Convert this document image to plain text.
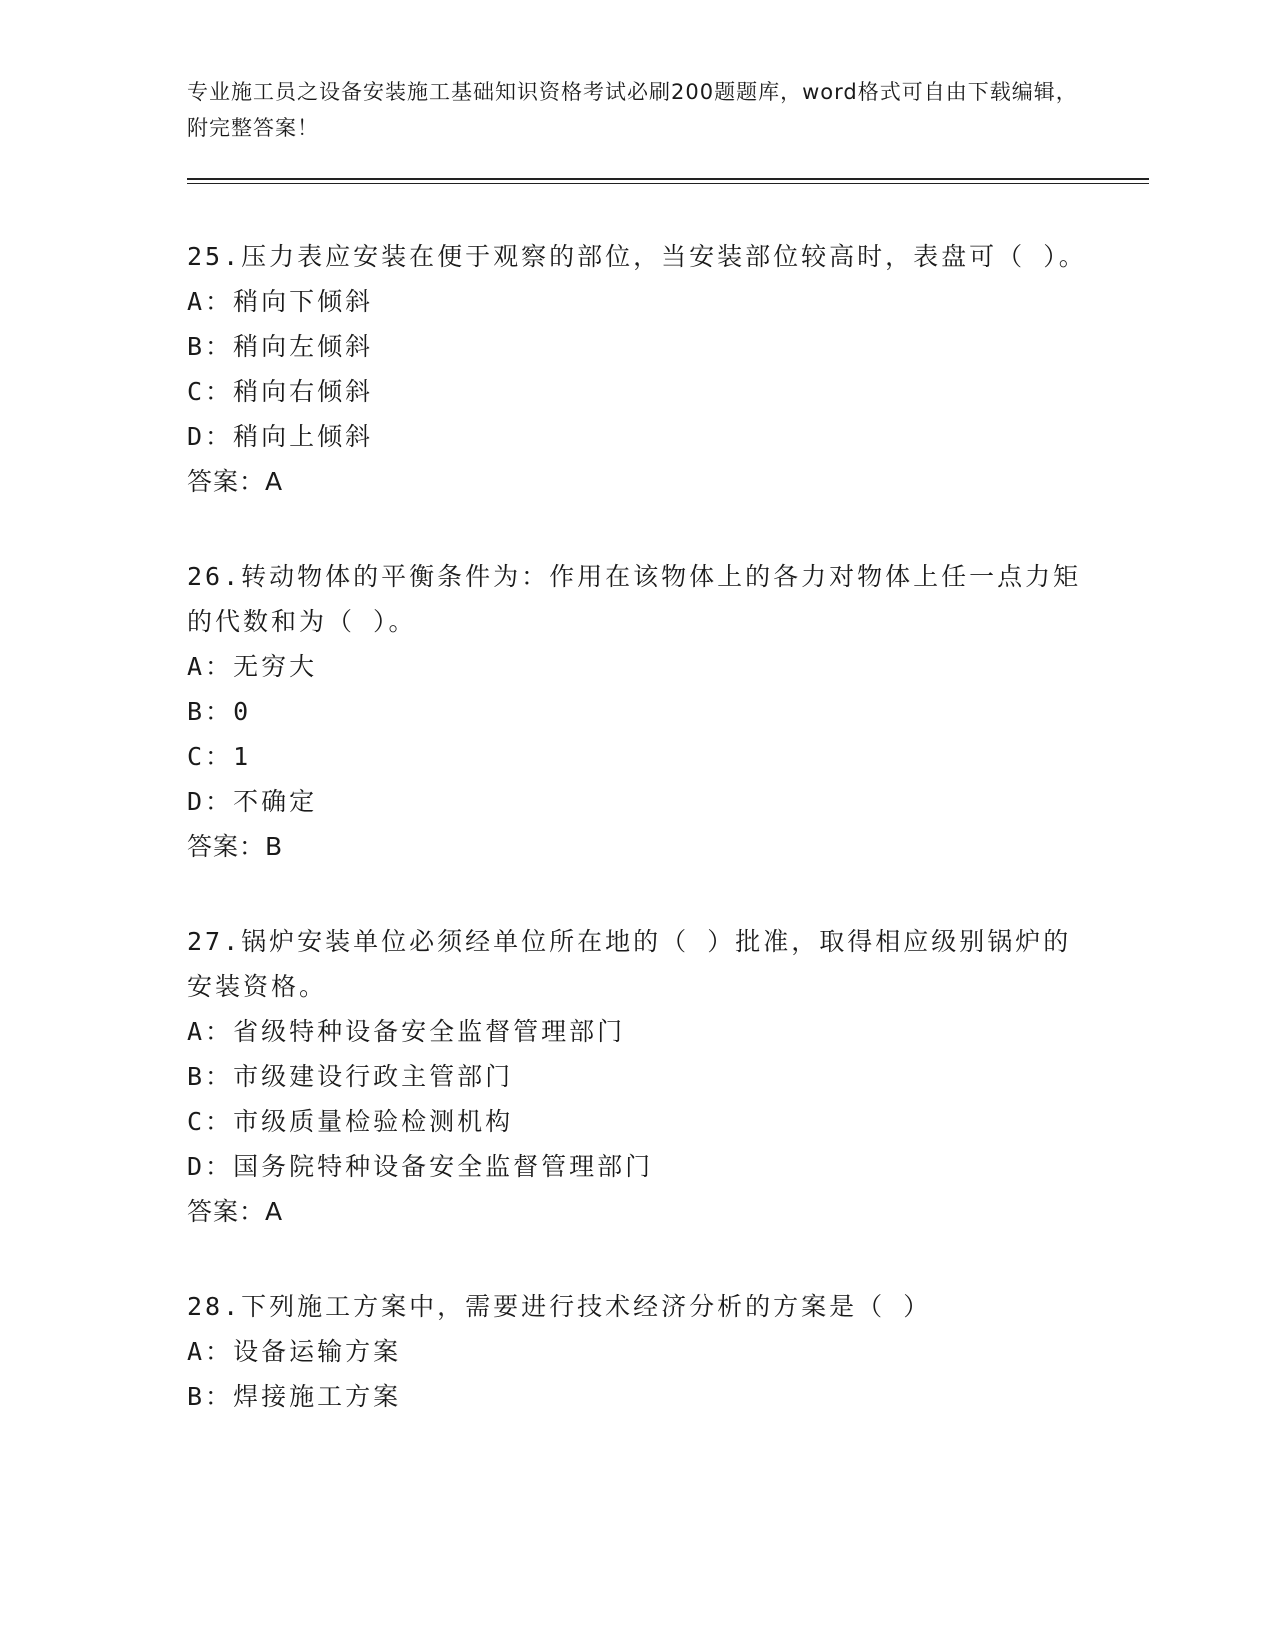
专业施工员之设备安装施工基础知识资格考试必刷200题题库，word格式可自由下载编辑，附完整答案！

25.压力表应安装在便于观察的部位，当安装部位较高时，表盘可（ ）。

A：稍向下倾斜

B：稍向左倾斜

C：稍向右倾斜

D：稍向上倾斜

答案：A

26.转动物体的平衡条件为：作用在该物体上的各力对物体上任一点力矩的代数和为（ ）。

A：无穷大

B：0

C：1

D：不确定

答案：B

27.锅炉安装单位必须经单位所在地的（ ）批准，取得相应级别锅炉的安装资格。

A：省级特种设备安全监督管理部门

B：市级建设行政主管部门

C：市级质量检验检测机构

D：国务院特种设备安全监督管理部门

答案：A

28.下列施工方案中，需要进行技术经济分析的方案是（ ）

A：设备运输方案

B：焊接施工方案
